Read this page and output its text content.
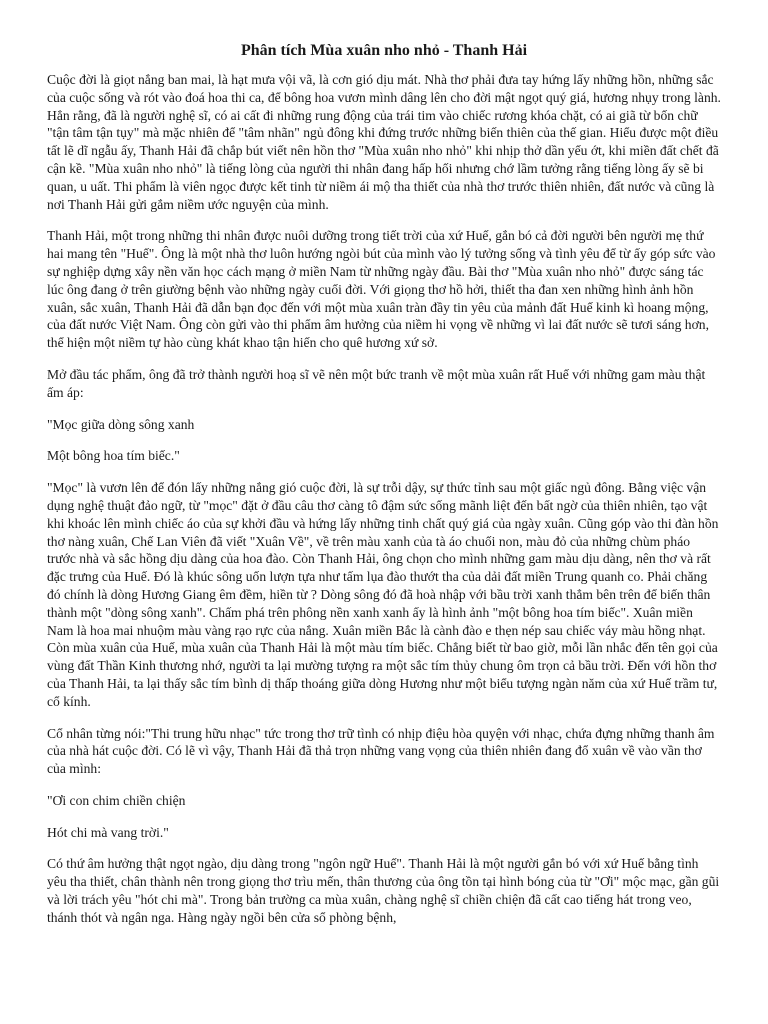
Phân tích Mùa xuân nho nhỏ - Thanh Hải

Cuộc đời là giọt nắng ban mai, là hạt mưa vội vã, là cơn gió dịu mát. Nhà thơ phải đưa tay hứng lấy những hồn, những sắc của cuộc sống và rót vào đoá hoa thi ca, để bông hoa vươn mình dâng lên cho đời mật ngọt quý giá, hương nhụy trong lành. Hẳn rằng, đã là người nghệ sĩ, có ai cất đi những rung động của trái tim vào chiếc rương khóa chặt, có ai giã từ bốn chữ "tận tâm tận tụy" mà mặc nhiên để "tâm nhãn" ngủ đông khi đứng trước những biến thiên của thế gian. Hiểu được một điều tất lẽ dĩ ngẫu ấy, Thanh Hải đã chắp bút viết nên hồn thơ "Mùa xuân nho nhỏ" khi nhịp thở dần yếu ớt, khi miền đất chết đã cận kề. "Mùa xuân nho nhỏ" là tiếng lòng của người thi nhân đang hấp hối nhưng chớ lầm tưởng rằng tiếng lòng ấy sẽ bi quan, u uất. Thi phẩm là viên ngọc được kết tinh từ niềm ái mộ tha thiết của nhà thơ trước thiên nhiên, đất nước và cũng là nơi Thanh Hải gửi gắm niềm ước nguyện của mình.

Thanh Hải, một trong những thi nhân được nuôi dưỡng trong tiết trời của xứ Huế, gắn bó cả đời người bên người mẹ thứ hai mang tên "Huế". Ông là một nhà thơ luôn hướng ngòi bút của mình vào lý tưởng sống và tình yêu để từ ấy góp sức vào sự nghiệp dựng xây nền văn học cách mạng ở miền Nam từ những ngày đầu. Bài thơ "Mùa xuân nho nhỏ" được sáng tác lúc ông đang ở trên giường bệnh vào những ngày cuối đời. Với giọng thơ hồ hởi, thiết tha đan xen những hình ảnh hồn xuân, sắc xuân, Thanh Hải đã dẫn bạn đọc đến với một mùa xuân tràn đầy tin yêu của mảnh đất Huế kinh kì hoang mộng, của đất nước Việt Nam. Ông còn gửi vào thi phẩm âm hưởng của niềm hi vọng về những vì lai đất nước sẽ tươi sáng hơn, thể hiện một niềm tự hào cùng khát khao tận hiến cho quê hương xứ sở.

Mở đầu tác phẩm, ông đã trở thành người hoạ sĩ vẽ nên một bức tranh về một mùa xuân rất Huế với những gam màu thật ấm áp:

"Mọc giữa dòng sông xanh

Một bông hoa tím biếc."

"Mọc" là vươn lên để đón lấy những nắng gió cuộc đời, là sự trỗi dậy, sự thức tỉnh sau một giấc ngủ đông. Bằng việc vận dụng nghệ thuật đảo ngữ, từ "mọc" đặt ở đầu câu thơ càng tô đậm sức sống mãnh liệt đến bất ngờ của thiên nhiên, tạo vật khi khoác lên mình chiếc áo của sự khởi đầu và hứng lấy những tinh chất quý giá của ngày xuân. Cũng góp vào thi đàn hồn thơ nàng xuân, Chế Lan Viên đã viết "Xuân Về", về trên màu xanh của tà áo chuối non, màu đỏ của những chùm pháo trước nhà và sắc hồng dịu dàng của hoa đào. Còn Thanh Hải, ông chọn cho mình những gam màu dịu dàng, nên thơ và rất đặc trưng của Huế. Đó là khúc sông uốn lượn tựa như tấm lụa đào thướt tha của dải đất miền Trung quanh co. Phải chăng đó chính là dòng Hương Giang êm đềm, hiền từ ? Dòng sông đó đã hoà nhập với bầu trời xanh thẳm bên trên để biến thân thành một "dòng sông xanh". Chấm phá trên phông nền xanh xanh ấy là hình ảnh "một bông hoa tím biếc". Xuân miền Nam là hoa mai nhuộm màu vàng rạo rực của nắng. Xuân miền Bắc là cành đào e thẹn nép sau chiếc váy màu hồng nhạt. Còn mùa xuân của Huế, mùa xuân của Thanh Hải là một màu tím biếc. Chẳng biết từ bao giờ, mỗi lần nhắc đến tên gọi của vùng đất Thần Kinh thương nhớ, người ta lại mường tượng ra một sắc tím thủy chung ôm trọn cả bầu trời. Đến với hồn thơ của Thanh Hải, ta lại thấy sắc tím bình dị thấp thoáng giữa dòng Hương như một biểu tượng ngàn năm của xứ Huế trầm tư, cổ kính.

Cổ nhân từng nói:"Thi trung hữu nhạc" tức trong thơ trữ tình có nhịp điệu hòa quyện với nhạc, chứa đựng những thanh âm của nhà hát cuộc đời. Có lẽ vì vậy, Thanh Hải đã thả trọn những vang vọng của thiên nhiên đang đổ xuân về vào vần thơ của mình:

"Ơi con chim chiền chiện

Hót chi mà vang trời."

Có thứ âm hưởng thật ngọt ngào, dịu dàng trong "ngôn ngữ Huế". Thanh Hải là một người gắn bó với xứ Huế bằng tình yêu tha thiết, chân thành nên trong giọng thơ trìu mến, thân thương của ông tồn tại hình bóng của từ "Ơi" mộc mạc, gần gũi và lời trách yêu "hót chi mà". Trong bản trường ca mùa xuân, chàng nghệ sĩ chiền chiện đã cất cao tiếng hát trong veo, thánh thót và ngân nga. Hàng ngày ngồi bên cửa sổ phòng bệnh,
